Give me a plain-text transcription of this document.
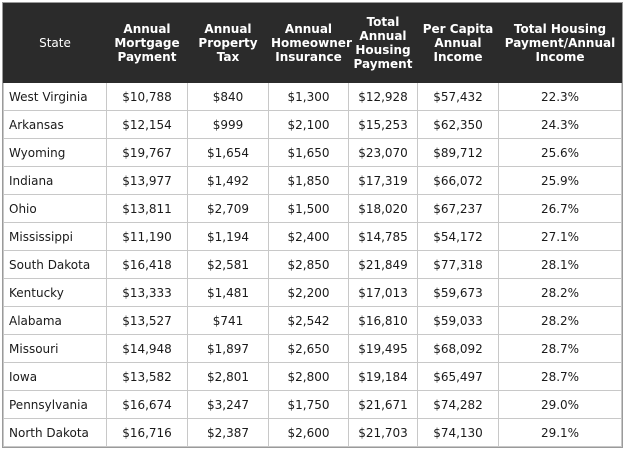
State	Annual Mortgage Payment	Annual Property Tax	Annual Homeowner Insurance	Total Annual Housing Payment	Per Capita Annual Income	Total Housing Payment/Annual Income
West Virginia	$10,788	$840	$1,300	$12,928	$57,432	22.3%
Arkansas	$12,154	$999	$2,100	$15,253	$62,350	24.3%
Wyoming	$19,767	$1,654	$1,650	$23,070	$89,712	25.6%
Indiana	$13,977	$1,492	$1,850	$17,319	$66,072	25.9%
Ohio	$13,811	$2,709	$1,500	$18,020	$67,237	26.7%
Mississippi	$11,190	$1,194	$2,400	$14,785	$54,172	27.1%
South Dakota	$16,418	$2,581	$2,850	$21,849	$77,318	28.1%
Kentucky	$13,333	$1,481	$2,200	$17,013	$59,673	28.2%
Alabama	$13,527	$741	$2,542	$16,810	$59,033	28.2%
Missouri	$14,948	$1,897	$2,650	$19,495	$68,092	28.7%
Iowa	$13,582	$2,801	$2,800	$19,184	$65,497	28.7%
Pennsylvania	$16,674	$3,247	$1,750	$21,671	$74,282	29.0%
North Dakota	$16,716	$2,387	$2,600	$21,703	$74,130	29.1%
